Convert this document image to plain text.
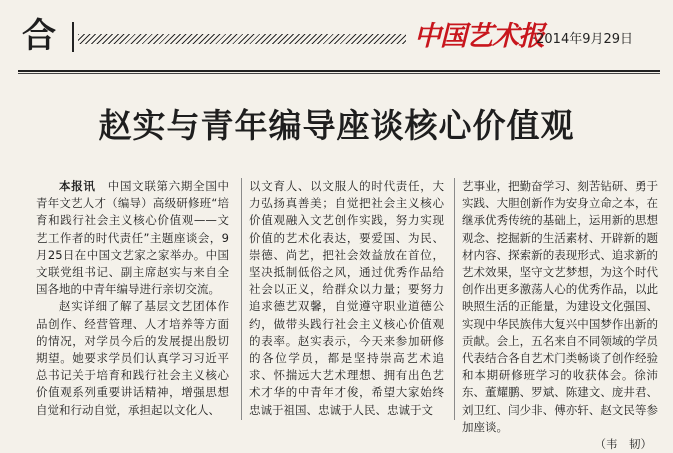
合	中国艺术报
·2014年9月29日
赵实与青年编导座谈核心价值观

本报讯　 中国文联第六期全国中青年文艺人才（编导）高级研修班“培育和践行社会主义核心价值观——文艺工作者的时代责任”主题座谈会，9月25日在中国文艺家之家举办。中国文联党组书记、副主席赵实与来自全国各地的中青年编导进行亲切交流。

赵实详细了解了基层文艺团体作品创作、经营管理、人才培养等方面的情况，对学员今后的发展提出殷切期望。她要求学员们认真学习习近平总书记关于培育和践行社会主义核心价值观系列重要讲话精神，增强思想自觉和行动自觉，承担起以文化人、

以文育人、以文服人的时代责任，大力弘扬真善美；自觉把社会主义核心价值观融入文艺创作实践，努力实现价值的艺术化表达，要爱国、为民、崇德、尚艺，把社会效益放在首位，坚决抵制低俗之风，通过优秀作品给社会以正义，给群众以力量；要努力追求德艺双馨，自觉遵守职业道德公约，做带头践行社会主义核心价值观的表率。赵实表示，今天来参加研修的各位学员，都是坚持崇高艺术追求、怀揣远大艺术理想、拥有出色艺术才华的中青年才俊，希望大家始终忠诚于祖国、忠诚于人民、忠诚于文

艺事业，把勤奋学习、刻苦钻研、勇于实践、大胆创新作为安身立命之本，在继承优秀传统的基础上，运用新的思想观念、挖掘新的生活素材、开辟新的题材内容、探索新的表现形式、追求新的艺术效果，坚守文艺梦想，为这个时代创作出更多激荡人心的优秀作品，以此映照生活的正能量，为建设文化强国、实现中华民族伟大复兴中国梦作出新的贡献。会上，五名来自不同领域的学员代表结合各自艺术门类畅谈了创作经验和本期研修班学习的收获体会。徐沛东、董耀鹏、罗斌、陈建文、庞井君、刘卫红、闫少非、傅亦轩、赵文民等参加座谈。
（韦　韧）
